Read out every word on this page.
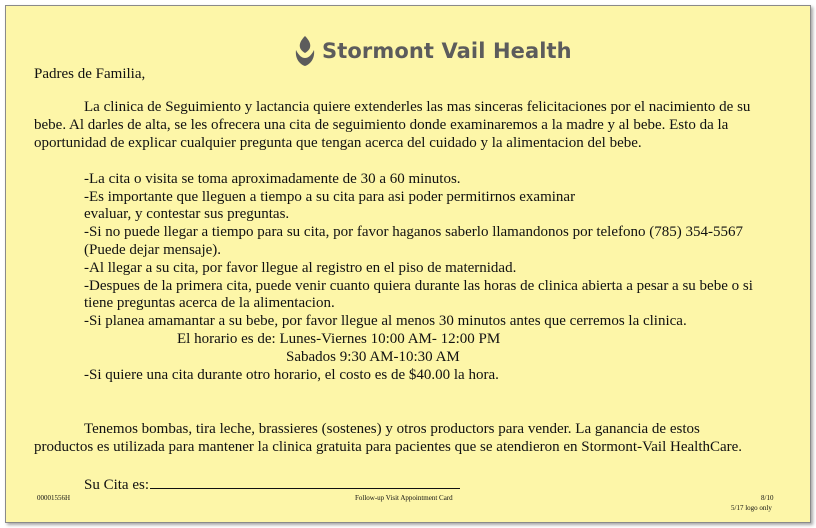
Stormont Vail Health
Padres de Familia,
La clinica de Seguimiento y lactancia quiere extenderles las mas sinceras felicitaciones por el nacimiento de su
bebe. Al darles de alta, se les ofrecera una cita de seguimiento donde examinaremos a la madre y al bebe. Esto da la
oportunidad de explicar cualquier pregunta que tengan acerca del cuidado y la alimentacion del bebe.
-La cita o visita se toma aproximadamente de 30 a 60 minutos.
-Es importante que lleguen a tiempo a su cita para asi poder permitirnos examinar
evaluar, y contestar sus preguntas.
-Si no puede llegar a tiempo para su cita, por favor haganos saberlo llamandonos por telefono (785) 354-5567
(Puede dejar mensaje).
-Al llegar a su cita, por favor llegue al registro en el piso de maternidad.
-Despues de la primera cita, puede venir cuanto quiera durante las horas de clinica abierta a pesar a su bebe o si
tiene preguntas acerca de la alimentacion.
-Si planea amamantar a su bebe, por favor llegue al menos 30 minutos antes que cerremos la clinica.
El horario es de: Lunes-Viernes 10:00 AM- 12:00 PM
Sabados 9:30 AM-10:30 AM
-Si quiere una cita durante otro horario, el costo es de $40.00 la hora.
Tenemos bombas, tira leche, brassieres (sostenes) y otros productors para vender. La ganancia de estos
productos es utilizada para mantener la clinica gratuita para pacientes que se atendieron en Stormont-Vail HealthCare.
Su Cita es:
00001556H	Follow-up Visit Appointment Card	8/10
5/17 logo only
